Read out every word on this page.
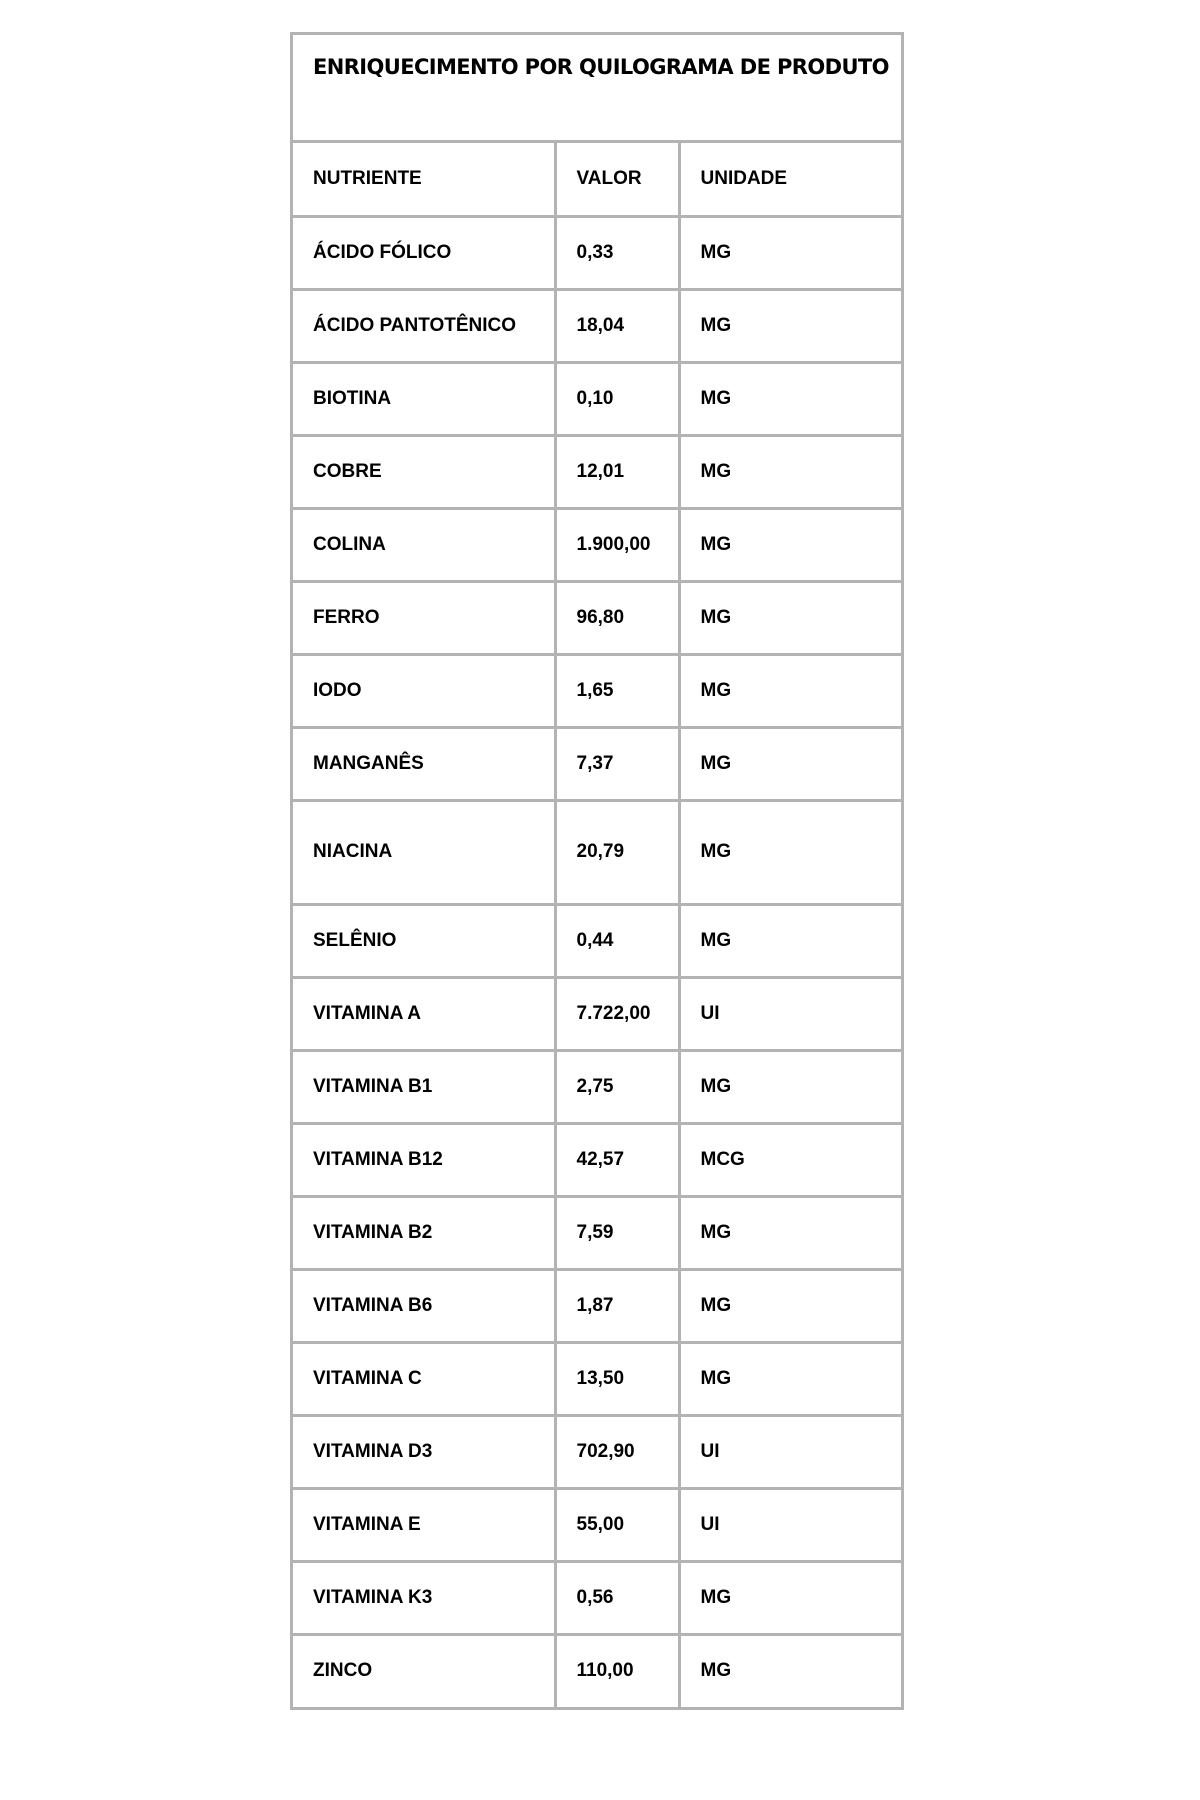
ENRIQUECIMENTO POR QUILOGRAMA DE PRODUTO
NUTRIENTE	VALOR	UNIDADE
ÁCIDO FÓLICO	0,33	MG
ÁCIDO PANTOTÊNICO	18,04	MG
BIOTINA	0,10	MG
COBRE	12,01	MG
COLINA	1.900,00	MG
FERRO	96,80	MG
IODO	1,65	MG
MANGANÊS	7,37	MG
NIACINA	20,79	MG
SELÊNIO	0,44	MG
VITAMINA A	7.722,00	UI
VITAMINA B1	2,75	MG
VITAMINA B12	42,57	MCG
VITAMINA B2	7,59	MG
VITAMINA B6	1,87	MG
VITAMINA C	13,50	MG
VITAMINA D3	702,90	UI
VITAMINA E	55,00	UI
VITAMINA K3	0,56	MG
ZINCO	110,00	MG
